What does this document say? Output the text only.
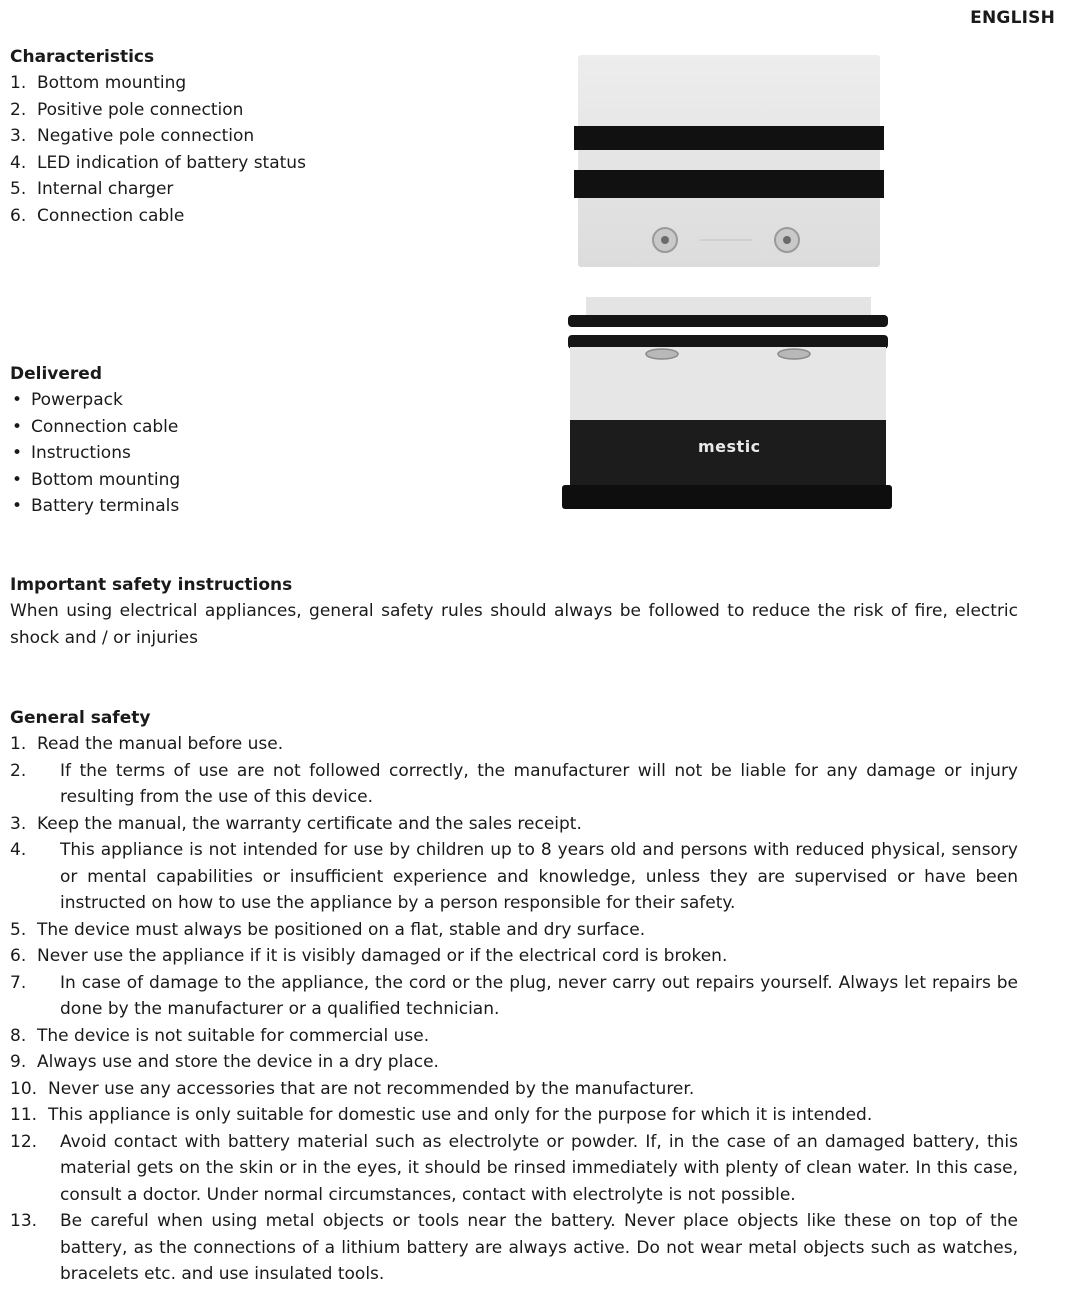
ENGLISH
Characteristics
1. Bottom mounting
2. Positive pole connection
3. Negative pole connection
4. LED indication of battery status
5. Internal charger
6. Connection cable
Delivered
• Powerpack
• Connection cable
• Instructions
• Bottom mounting
• Battery terminals
mestic
Important safety instructions
When using electrical appliances, general safety rules should always be followed to reduce the risk of fire, electric shock and / or injuries
General safety
1. Read the manual before use.
2. If the terms of use are not followed correctly, the manufacturer will not be liable for any damage or injury resulting from the use of this device.
3. Keep the manual, the warranty certificate and the sales receipt.
4. This appliance is not intended for use by children up to 8 years old and persons with reduced physical, sensory or mental capabilities or insufficient experience and knowledge, unless they are supervised or have been instructed on how to use the appliance by a person responsible for their safety.
5. The device must always be positioned on a flat, stable and dry surface.
6. Never use the appliance if it is visibly damaged or if the electrical cord is broken.
7. In case of damage to the appliance, the cord or the plug, never carry out repairs yourself. Always let repairs be done by the manufacturer or a qualified technician.
8. The device is not suitable for commercial use.
9. Always use and store the device in a dry place.
10. Never use any accessories that are not recommended by the manufacturer.
11. This appliance is only suitable for domestic use and only for the purpose for which it is intended.
12. Avoid contact with battery material such as electrolyte or powder. If, in the case of an damaged battery, this material gets on the skin or in the eyes, it should be rinsed immediately with plenty of clean water. In this case, consult a doctor. Under normal circumstances, contact with electrolyte is not possible.
13. Be careful when using metal objects or tools near the battery. Never place objects like these on top of the battery, as the connections of a lithium battery are always active. Do not wear metal objects such as watches, bracelets etc. and use insulated tools.
